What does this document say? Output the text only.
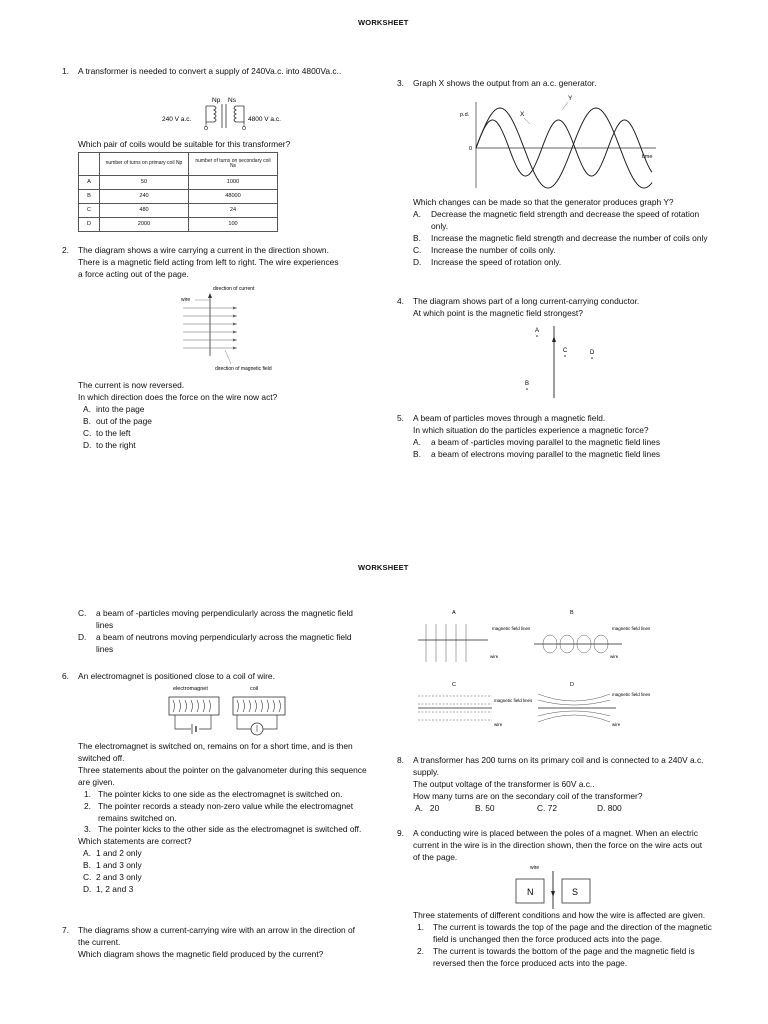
WORKSHEET
1. A transformer is needed to convert a supply of 240Va.c. into 4800Va.c..
Np Ns
240 V a.c.	4800 V a.c.
Which pair of coils would be suitable for this transformer?
	number of turns on primary coil Np	number of turns on secondary coil Ns
A	50	1000
B	240	48000
C	480	24
D	2000	100
2. The diagram shows a wire carrying a current in the direction shown.
There is a magnetic field acting from left to right. The wire experiences
a force acting out of the page.
wire
direction of current
direction of magnetic field
The current is now reversed.
In which direction does the force on the wire now act?
A. into the page
B. out of the page
C. to the left
D. to the right
3. Graph X shows the output from an a.c. generator.
p.d.
0
time
X
Y
Which changes can be made so that the generator produces graph Y?
A. Decrease the magnetic field strength and decrease the speed of rotation only.
B. Increase the magnetic field strength and decrease the number of coils only
C. Increase the number of coils only.
D. Increase the speed of rotation only.
4. The diagram shows part of a long current-carrying conductor.
At which point is the magnetic field strongest?
A
B
C	D
5. A beam of particles moves through a magnetic field.
In which situation do the particles experience a magnetic force?
A. a beam of -particles moving parallel to the magnetic field lines
B. a beam of electrons moving parallel to the magnetic field lines
WORKSHEET
C. a beam of -particles moving perpendicularly across the magnetic field lines
D. a beam of neutrons moving perpendicularly across the magnetic field lines
6. An electromagnet is positioned close to a coil of wire.
electromagnet	coil
The electromagnet is switched on, remains on for a short time, and is then switched off.
Three statements about the pointer on the galvanometer during this sequence are given.
1. The pointer kicks to one side as the electromagnet is switched on.
2. The pointer records a steady non-zero value while the electromagnet remains switched on.
3. The pointer kicks to the other side as the electromagnet is switched off.
Which statements are correct?
A. 1 and 2 only
B. 1 and 3 only
C. 2 and 3 only
D. 1, 2 and 3
7. The diagrams show a current-carrying wire with an arrow in the direction of the current.
Which diagram shows the magnetic field produced by the current?
A
magnetic field lines
wire
B
magnetic field lines
wire
C
magnetic field lines
wire
D
magnetic field lines
wire
8. A transformer has 200 turns on its primary coil and is connected to a 240V a.c. supply.
The output voltage of the transformer is 60V a.c..
How many turns are on the secondary coil of the transformer?
A. 20	B. 50	C. 72	D. 800
9. A conducting wire is placed between the poles of a magnet. When an electric current in the wire is in the direction shown, then the force on the wire acts out of the page.
wire
N	S
Three statements of different conditions and how the wire is affected are given.
1. The current is towards the top of the page and the direction of the magnetic field is unchanged then the force produced acts into the page.
2. The current is towards the bottom of the page and the magnetic field is reversed then the force produced acts into the page.
